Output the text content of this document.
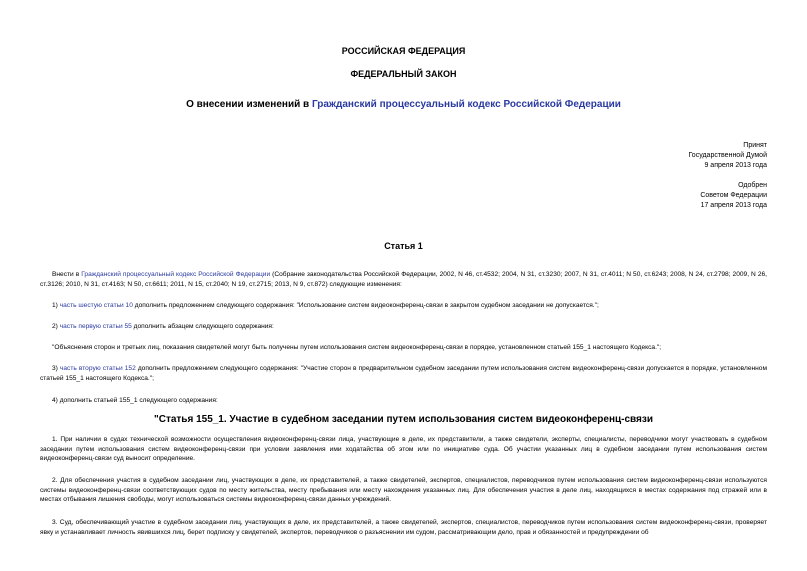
РОССИЙСКАЯ ФЕДЕРАЦИЯ
ФЕДЕРАЛЬНЫЙ ЗАКОН
О внесении изменений в Гражданский процессуальный кодекс Российской Федерации
Принят
Государственной Думой
9 апреля 2013 года
Одобрен
Советом Федерации
17 апреля 2013 года
Статья 1
Внести в Гражданский процессуальный кодекс Российской Федерации (Собрание законодательства Российской Федерации, 2002, N 46, ст.4532; 2004, N 31, ст.3230; 2007, N 31, ст.4011; N 50, ст.6243; 2008, N 24, ст.2798; 2009, N 26, ст.3126; 2010, N 31, ст.4163; N 50, ст.6611; 2011, N 15, ст.2040; N 19, ст.2715; 2013, N 9, ст.872) следующие изменения:
1) часть шестую статьи 10 дополнить предложением следующего содержания: "Использование систем видеоконференц-связи в закрытом судебном заседании не допускается.";
2) часть первую статьи 55 дополнить абзацем следующего содержания:
"Объяснения сторон и третьих лиц, показания свидетелей могут быть получены путем использования систем видеоконференц-связи в порядке, установленном статьей 155_1 настоящего Кодекса.";
3) часть вторую статьи 152 дополнить предложением следующего содержания: "Участие сторон в предварительном судебном заседании путем использования систем видеоконференц-связи допускается в порядке, установленном статьей 155_1 настоящего Кодекса.";
4) дополнить статьей 155_1 следующего содержания:
"Статья 155_1. Участие в судебном заседании путем использования систем видеоконференц-связи
1. При наличии в судах технической возможности осуществления видеоконференц-связи лица, участвующие в деле, их представители, а также свидетели, эксперты, специалисты, переводчики могут участвовать в судебном заседании путем использования систем видеоконференц-связи при условии заявления ими ходатайства об этом или по инициативе суда. Об участии указанных лиц в судебном заседании путем использования систем видеоконференц-связи суд выносит определение.
2. Для обеспечения участия в судебном заседании лиц, участвующих в деле, их представителей, а также свидетелей, экспертов, специалистов, переводчиков путем использования систем видеоконференц-связи используются системы видеоконференц-связи соответствующих судов по месту жительства, месту пребывания или месту нахождения указанных лиц. Для обеспечения участия в деле лиц, находящихся в местах содержания под стражей или в местах отбывания лишения свободы, могут использоваться системы видеоконференц-связи данных учреждений.
3. Суд, обеспечивающий участие в судебном заседании лиц, участвующих в деле, их представителей, а также свидетелей, экспертов, специалистов, переводчиков путем использования систем видеоконференц-связи, проверяет явку и устанавливает личность явившихся лиц, берет подписку у свидетелей, экспертов, переводчиков о разъяснении им судом, рассматривающим дело, прав и обязанностей и предупреждении об
